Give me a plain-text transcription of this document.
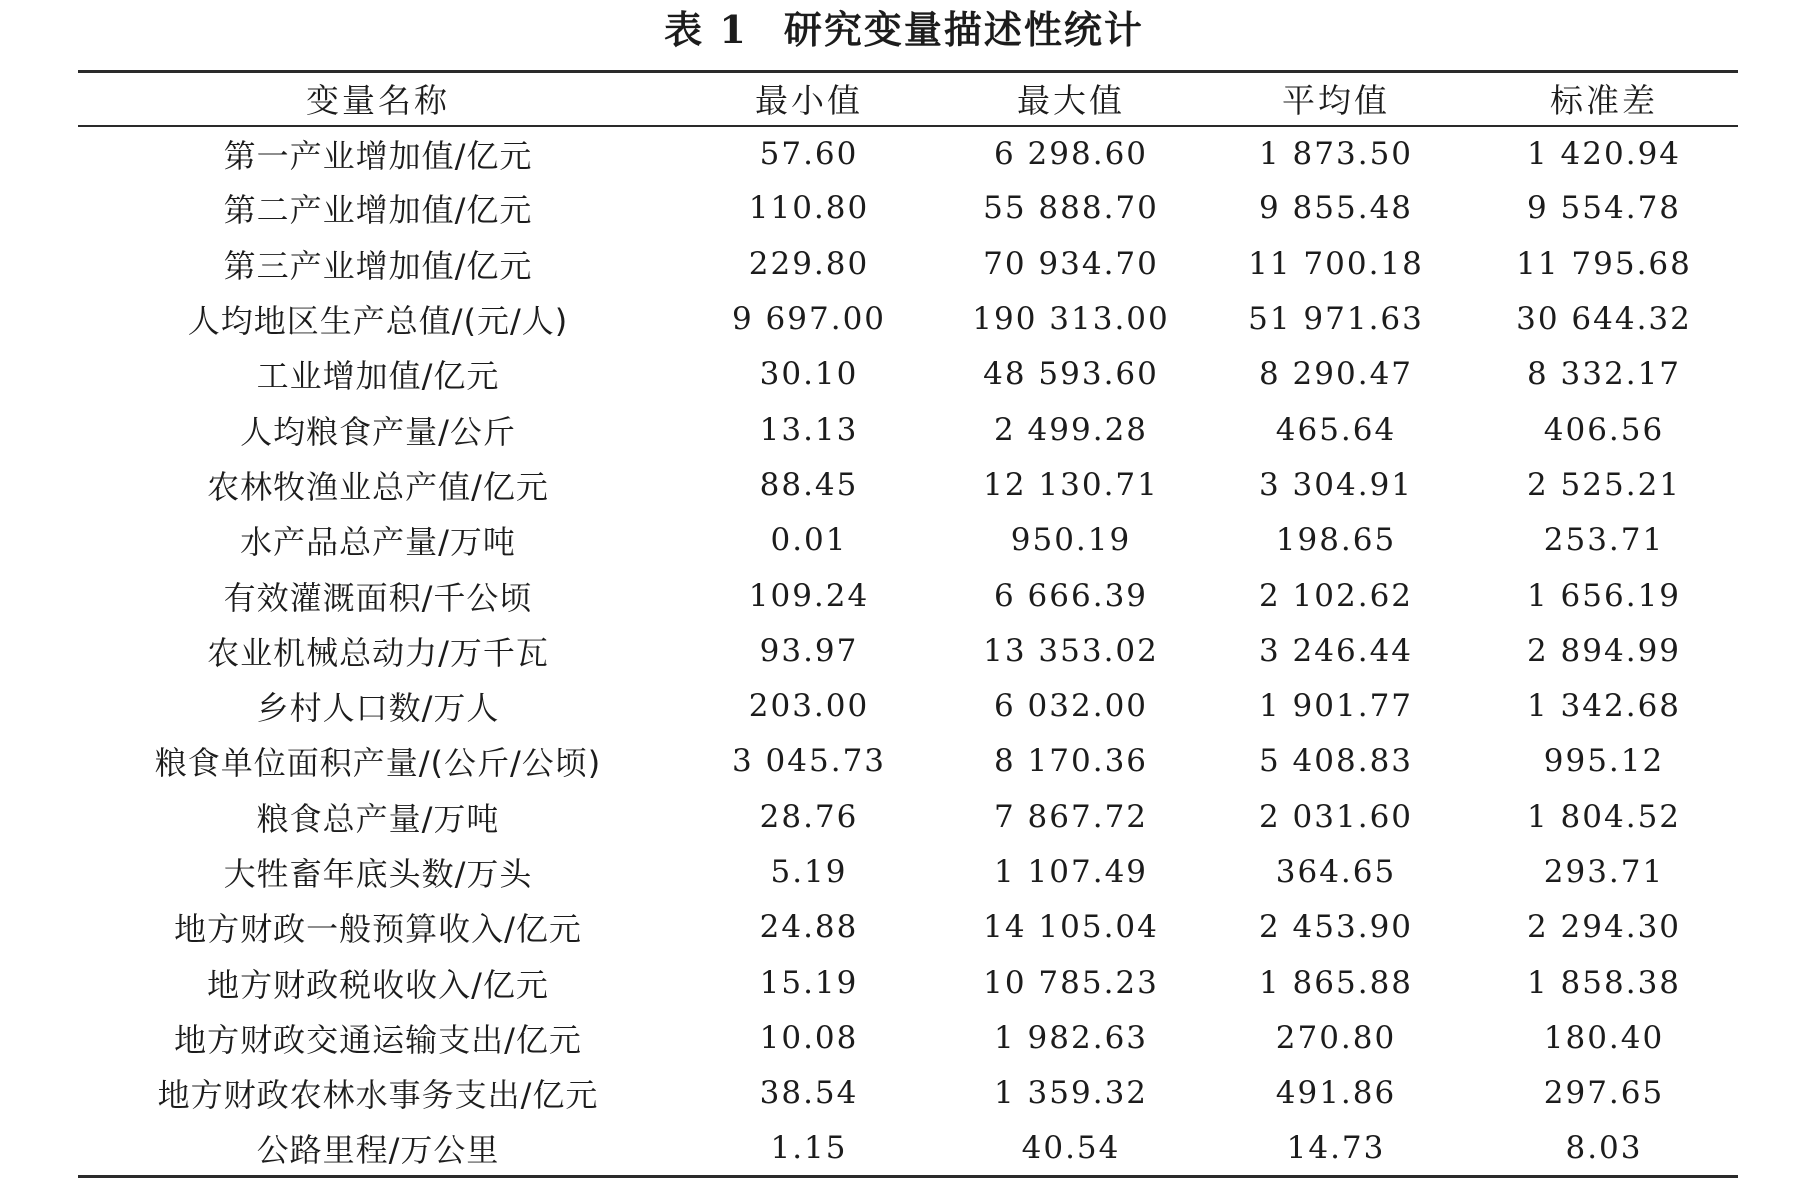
表 1 研究变量描述性统计
变量名称	最小值	最大值	平均值	标准差
第一产业增加值/亿元	57.60	6 298.60	1 873.50	1 420.94
第二产业增加值/亿元	110.80	55 888.70	9 855.48	9 554.78
第三产业增加值/亿元	229.80	70 934.70	11 700.18	11 795.68
人均地区生产总值/(元/人)	9 697.00	190 313.00	51 971.63	30 644.32
工业增加值/亿元	30.10	48 593.60	8 290.47	8 332.17
人均粮食产量/公斤	13.13	2 499.28	465.64	406.56
农林牧渔业总产值/亿元	88.45	12 130.71	3 304.91	2 525.21
水产品总产量/万吨	0.01	950.19	198.65	253.71
有效灌溉面积/千公顷	109.24	6 666.39	2 102.62	1 656.19
农业机械总动力/万千瓦	93.97	13 353.02	3 246.44	2 894.99
乡村人口数/万人	203.00	6 032.00	1 901.77	1 342.68
粮食单位面积产量/(公斤/公顷)	3 045.73	8 170.36	5 408.83	995.12
粮食总产量/万吨	28.76	7 867.72	2 031.60	1 804.52
大牲畜年底头数/万头	5.19	1 107.49	364.65	293.71
地方财政一般预算收入/亿元	24.88	14 105.04	2 453.90	2 294.30
地方财政税收收入/亿元	15.19	10 785.23	1 865.88	1 858.38
地方财政交通运输支出/亿元	10.08	1 982.63	270.80	180.40
地方财政农林水事务支出/亿元	38.54	1 359.32	491.86	297.65
公路里程/万公里	1.15	40.54	14.73	8.03
